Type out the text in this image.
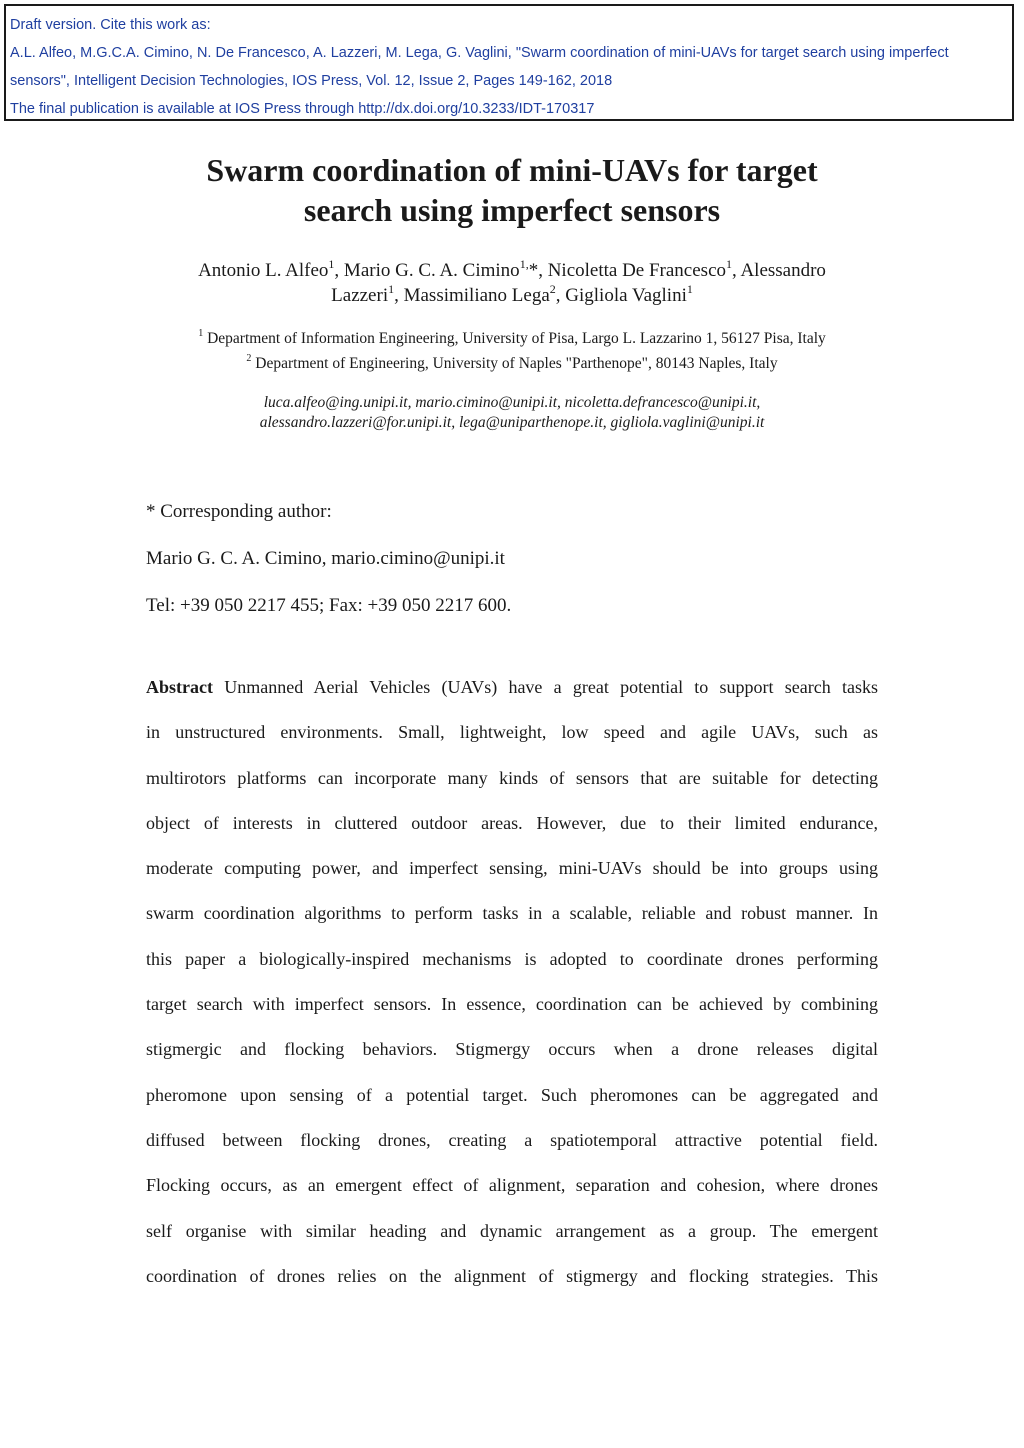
Draft version. Cite this work as:
A.L. Alfeo, M.G.C.A. Cimino, N. De Francesco, A. Lazzeri, M. Lega, G. Vaglini, "Swarm coordination of mini-UAVs for target search using imperfect
sensors", Intelligent Decision Technologies, IOS Press, Vol. 12, Issue 2, Pages 149-162, 2018
The final publication is available at IOS Press through http://dx.doi.org/10.3233/IDT-170317
Swarm coordination of mini-UAVs for target
search using imperfect sensors
Antonio L. Alfeo$^1$, Mario G. C. A. Cimino$^{1,}$*, Nicoletta De Francesco$^1$, Alessandro
Lazzeri$^1$, Massimiliano Lega$^2$, Gigliola Vaglini$^1$
$^1$ Department of Information Engineering, University of Pisa, Largo L. Lazzarino 1, 56127 Pisa, Italy
$^2$ Department of Engineering, University of Naples "Parthenope", 80143 Naples, Italy
luca.alfeo@ing.unipi.it, mario.cimino@unipi.it, nicoletta.defrancesco@unipi.it,
alessandro.lazzeri@for.unipi.it, lega@uniparthenope.it, gigliola.vaglini@unipi.it
* Corresponding author:
Mario G. C. A. Cimino, mario.cimino@unipi.it
Tel: +39 050 2217 455; Fax: +39 050 2217 600.
Abstract Unmanned Aerial Vehicles (UAVs) have a great potential to support search tasks
in unstructured environments. Small, lightweight, low speed and agile UAVs, such as
multirotors platforms can incorporate many kinds of sensors that are suitable for detecting
object of interests in cluttered outdoor areas. However, due to their limited endurance,
moderate computing power, and imperfect sensing, mini-UAVs should be into groups using
swarm coordination algorithms to perform tasks in a scalable, reliable and robust manner. In
this paper a biologically-inspired mechanisms is adopted to coordinate drones performing
target search with imperfect sensors. In essence, coordination can be achieved by combining
stigmergic and flocking behaviors. Stigmergy occurs when a drone releases digital
pheromone upon sensing of a potential target. Such pheromones can be aggregated and
diffused between flocking drones, creating a spatiotemporal attractive potential field.
Flocking occurs, as an emergent effect of alignment, separation and cohesion, where drones
self organise with similar heading and dynamic arrangement as a group. The emergent
coordination of drones relies on the alignment of stigmergy and flocking strategies. This
